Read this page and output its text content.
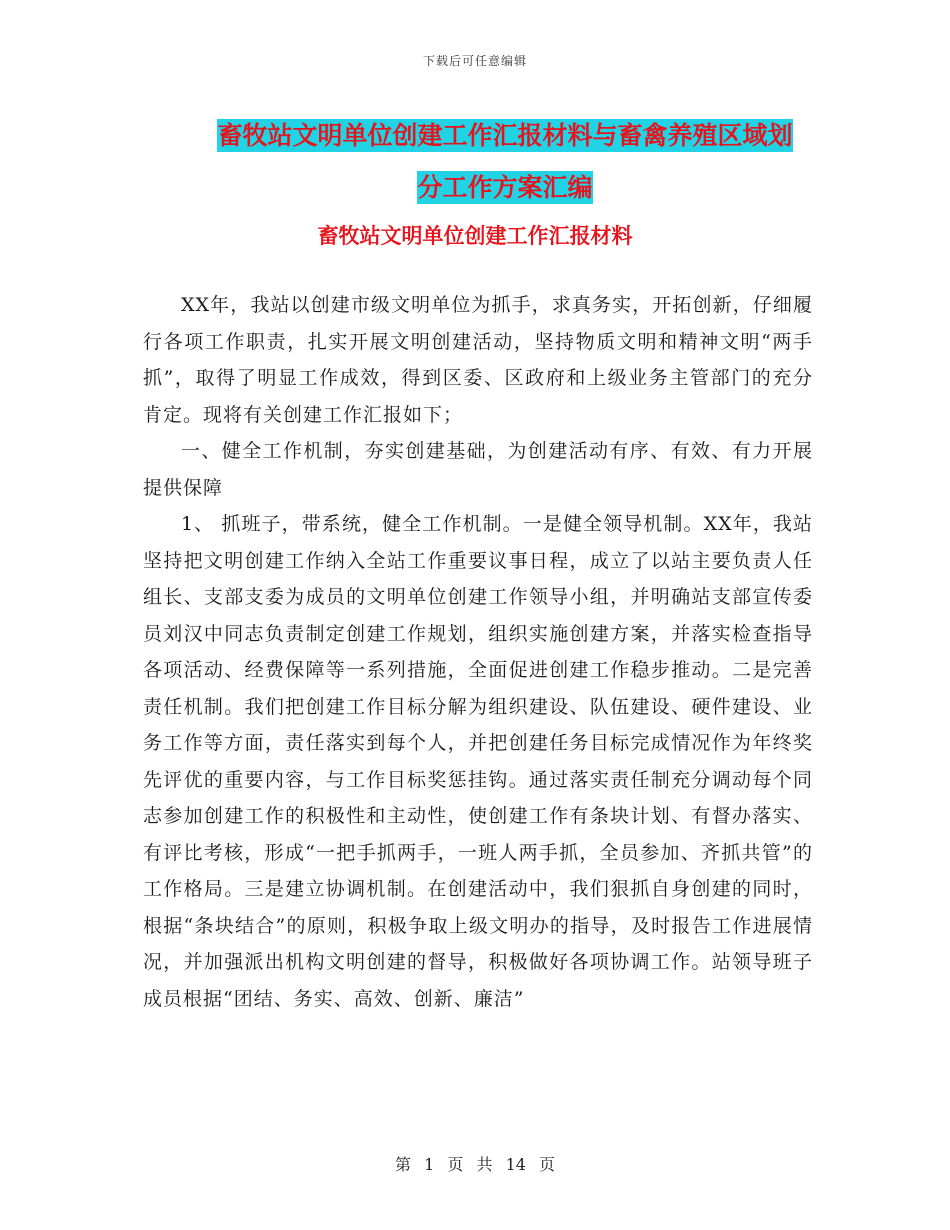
下载后可任意编辑
畜牧站文明单位创建工作汇报材料与畜禽养殖区域划
分工作方案汇编
畜牧站文明单位创建工作汇报材料

XX年，我站以创建市级文明单位为抓手，求真务实，开拓创新，仔细履行各项工作职责，扎实开展文明创建活动，坚持物质文明和精神文明“两手抓”，取得了明显工作成效，得到区委、区政府和上级业务主管部门的充分肯定。现将有关创建工作汇报如下；

一、健全工作机制，夯实创建基础，为创建活动有序、有效、有力开展提供保障

1、 抓班子，带系统，健全工作机制。一是健全领导机制。XX年，我站坚持把文明创建工作纳入全站工作重要议事日程，成立了以站主要负责人任组长、支部支委为成员的文明单位创建工作领导小组，并明确站支部宣传委员刘汉中同志负责制定创建工作规划，组织实施创建方案，并落实检查指导各项活动、经费保障等一系列措施，全面促进创建工作稳步推动。二是完善责任机制。我们把创建工作目标分解为组织建设、队伍建设、硬件建设、业务工作等方面，责任落实到每个人，并把创建任务目标完成情况作为年终奖先评优的重要内容，与工作目标奖惩挂钩。通过落实责任制充分调动每个同志参加创建工作的积极性和主动性，使创建工作有条块计划、有督办落实、有评比考核，形成“一把手抓两手，一班人两手抓，全员参加、齐抓共管”的工作格局。三是建立协调机制。在创建活动中，我们狠抓自身创建的同时，根据“条块结合”的原则，积极争取上级文明办的指导，及时报告工作进展情况，并加强派出机构文明创建的督导，积极做好各项协调工作。站领导班子成员根据“团结、务实、高效、创新、廉洁”

第 1 页 共 14 页
